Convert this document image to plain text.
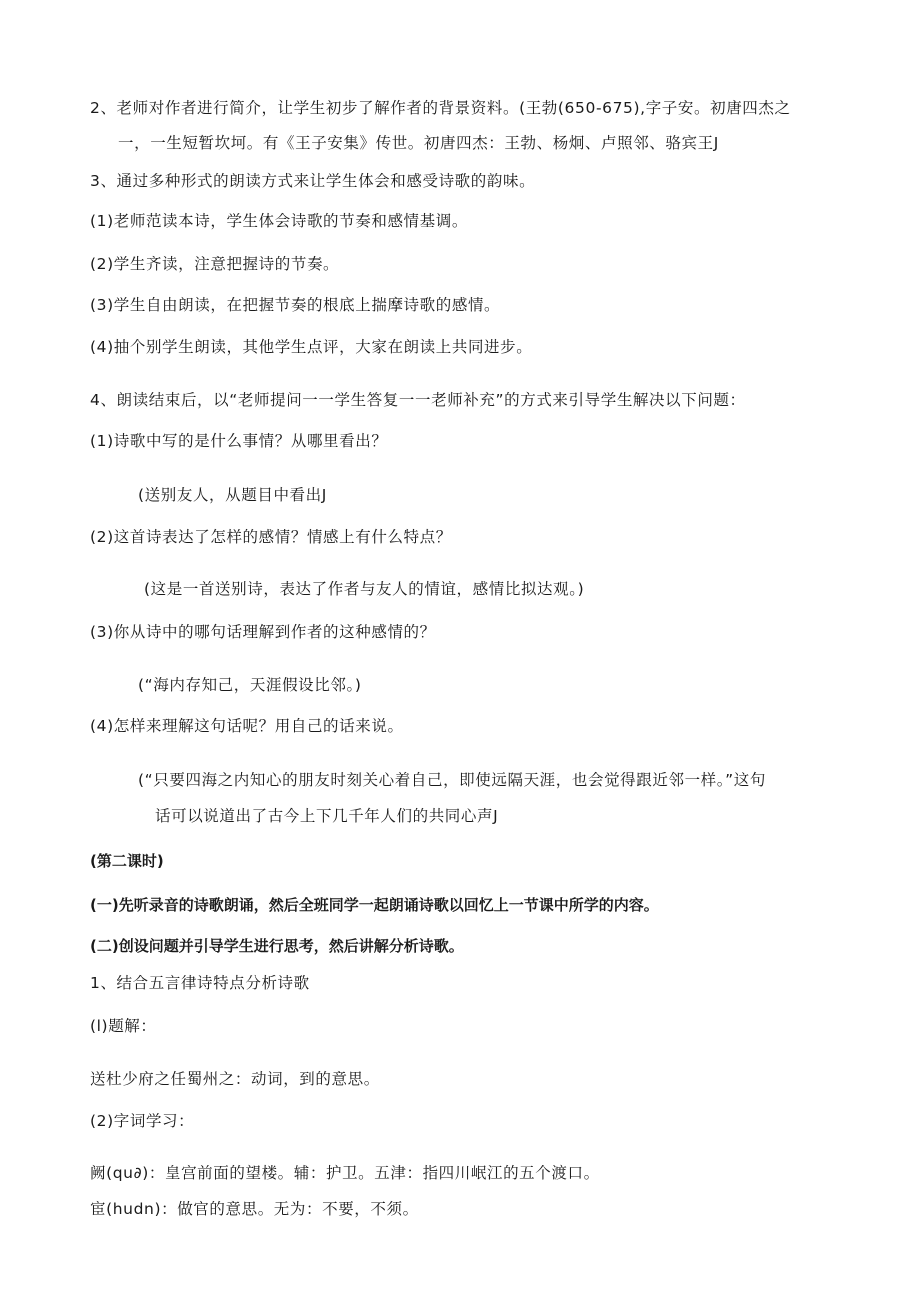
2、老师对作者进行简介，让学生初步了解作者的背景资料。(王勃(650-675),字子安。初唐四杰之
一，一生短暂坎坷。有《王子安集》传世。初唐四杰：王勃、杨炯、卢照邻、骆宾王J
3、通过多种形式的朗读方式来让学生体会和感受诗歌的韵味。
(1)老师范读本诗，学生体会诗歌的节奏和感情基调。
(2)学生齐读，注意把握诗的节奏。
(3)学生自由朗读，在把握节奏的根底上揣摩诗歌的感情。
(4)抽个别学生朗读，其他学生点评，大家在朗读上共同进步。
4、朗读结束后，以“老师提问一一学生答复一一老师补充”的方式来引导学生解决以下问题：
(1)诗歌中写的是什么事情？从哪里看出？
(送别友人，从题目中看出J
(2)这首诗表达了怎样的感情？情感上有什么特点？
(这是一首送别诗，表达了作者与友人的情谊，感情比拟达观。)
(3)你从诗中的哪句话理解到作者的这种感情的？
(“海内存知己，天涯假设比邻。)
(4)怎样来理解这句话呢？用自己的话来说。
(“只要四海之内知心的朋友时刻关心着自己，即使远隔天涯，也会觉得跟近邻一样。”这句
话可以说道出了古今上下几千年人们的共同心声J
(第二课时)
(一)先听录音的诗歌朗诵，然后全班同学一起朗诵诗歌以回忆上一节课中所学的内容。
(二)创设问题并引导学生进行思考，然后讲解分析诗歌。
1、结合五言律诗特点分析诗歌
(l)题解：
送杜少府之任蜀州之：动词，到的意思。
(2)字词学习：
阙(qu∂)：皇宫前面的望楼。辅：护卫。五津：指四川岷江的五个渡口。
宦(hudn)：做官的意思。无为：不要，不须。
